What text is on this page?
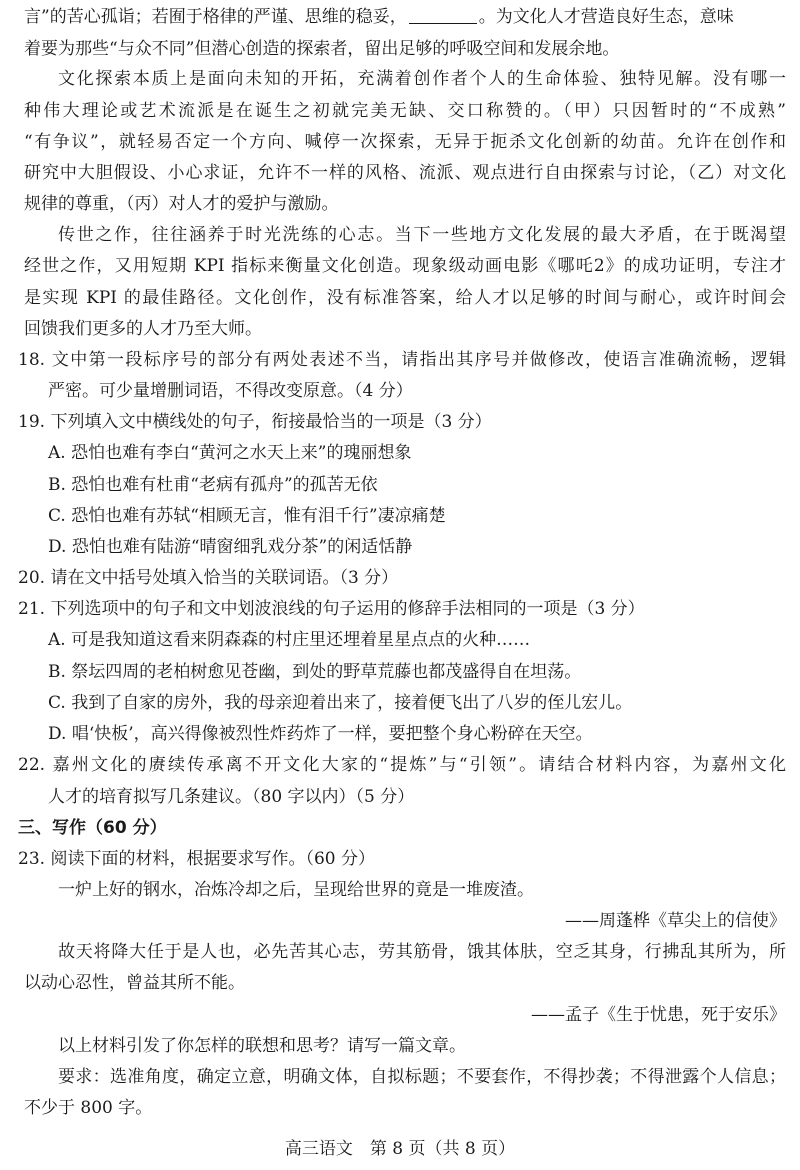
言”的苦心孤诣；若囿于格律的严谨、思维的稳妥，	。为文化人才营造良好生态，意味
着要为那些“与众不同”但潜心创造的探索者，留出足够的呼吸空间和发展余地。
文化探索本质上是面向未知的开拓，充满着创作者个人的生命体验、独特见解。没有哪一
种伟大理论或艺术流派是在诞生之初就完美无缺、交口称赞的。（甲）只因暂时的“不成熟”
“有争议”，就轻易否定一个方向、喊停一次探索，无异于扼杀文化创新的幼苗。允许在创作和
研究中大胆假设、小心求证，允许不一样的风格、流派、观点进行自由探索与讨论，（乙）对文化
规律的尊重，（丙）对人才的爱护与激励。
传世之作，往往涵养于时光洗练的心志。当下一些地方文化发展的最大矛盾，在于既渴望
经世之作，又用短期 KPI 指标来衡量文化创造。现象级动画电影《哪吒2》的成功证明，专注才
是实现 KPI 的最佳路径。文化创作，没有标准答案，给人才以足够的时间与耐心，或许时间会
回馈我们更多的人才乃至大师。
18. 文中第一段标序号的部分有两处表述不当，请指出其序号并做修改，使语言准确流畅，逻辑
严密。可少量增删词语，不得改变原意。（4 分）
19. 下列填入文中横线处的句子，衔接最恰当的一项是（3 分）
A. 恐怕也难有李白“黄河之水天上来”的瑰丽想象
B. 恐怕也难有杜甫“老病有孤舟”的孤苦无依
C. 恐怕也难有苏轼“相顾无言，惟有泪千行”凄凉痛楚
D. 恐怕也难有陆游“晴窗细乳戏分茶”的闲适恬静
20. 请在文中括号处填入恰当的关联词语。（3 分）
21. 下列选项中的句子和文中划波浪线的句子运用的修辞手法相同的一项是（3 分）
A. 可是我知道这看来阴森森的村庄里还埋着星星点点的火种……
B. 祭坛四周的老柏树愈见苍幽，到处的野草荒藤也都茂盛得自在坦荡。
C. 我到了自家的房外，我的母亲迎着出来了，接着便飞出了八岁的侄儿宏儿。
D. 唱‘快板’，高兴得像被烈性炸药炸了一样，要把整个身心粉碎在天空。
22. 嘉州文化的赓续传承离不开文化大家的“提炼”与“引领”。请结合材料内容，为嘉州文化
人才的培育拟写几条建议。（80 字以内）（5 分）
三、写作（60 分）
23. 阅读下面的材料，根据要求写作。（60 分）
一炉上好的钢水，冶炼冷却之后，呈现给世界的竟是一堆废渣。
——周蓬桦《草尖上的信使》
故天将降大任于是人也，必先苦其心志，劳其筋骨，饿其体肤，空乏其身，行拂乱其所为，所
以动心忍性，曾益其所不能。
——孟子《生于忧患，死于安乐》
以上材料引发了你怎样的联想和思考？请写一篇文章。
要求：选准角度，确定立意，明确文体，自拟标题；不要套作，不得抄袭；不得泄露个人信息；
不少于 800 字。
高三语文　第 8 页（共 8 页）
